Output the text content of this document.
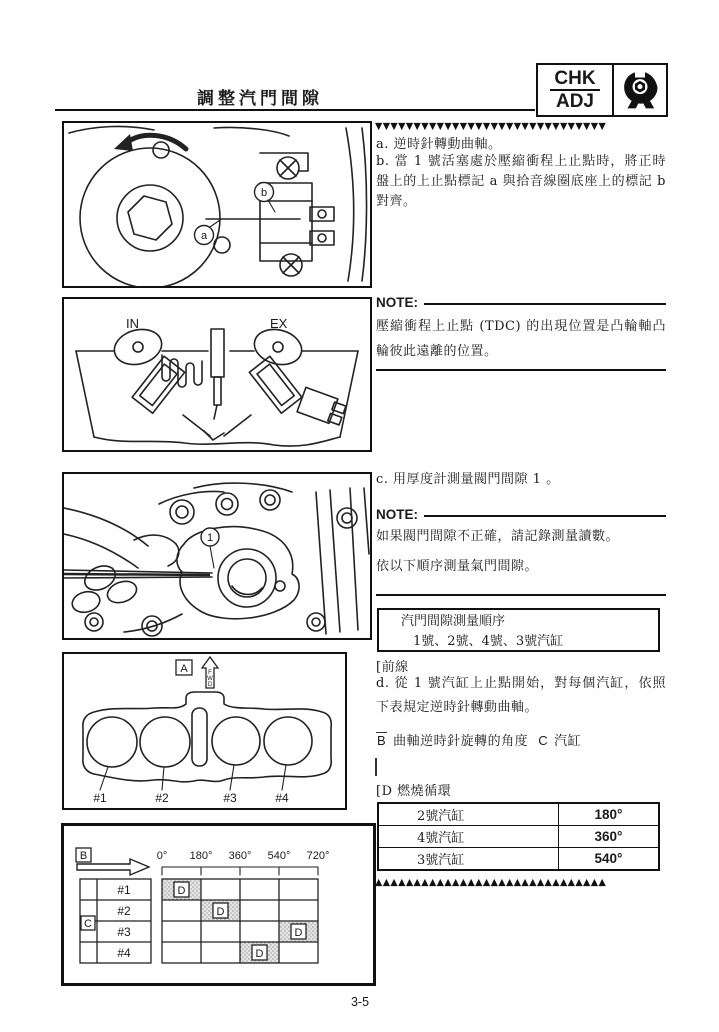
調整汽門間隙
CHK
ADJ
a
b
IN	EX
1
A	F
W
D
#1	#2	#3	#4
B	0° 180° 360° 540° 720°
C
#1
#2
#3
#4
D
D
D
D
▼▼▼▼▼▼▼▼▼▼▼▼▼▼▼▼▼▼▼▼▼▼▼▼▼▼▼▼▼▼
a. 逆時針轉動曲軸。
b. 當 1 號活塞處於壓縮衝程上止點時，將正時盤上的上止點標記 a 與拾音線圈底座上的標記 b 對齊。
NOTE:
壓縮衝程上止點 (TDC) 的出現位置是凸輪軸凸輪彼此遠離的位置。
c. 用厚度計測量閥門間隙 1 。
NOTE:
如果閥門間隙不正確，請記錄測量讀數。
依以下順序測量氣門間隙。
汽門間隙測量順序
1號、2號、4號、3號汽缸
[前線
d. 從 1 號汽缸上止點開始，對每個汽缸，依照下表規定逆時針轉動曲軸。
B 曲軸逆時針旋轉的角度 C 汽缸
[D 燃燒循環
2號汽缸	180°
4號汽缸	360°
3號汽缸	540°
▲▲▲▲▲▲▲▲▲▲▲▲▲▲▲▲▲▲▲▲▲▲▲▲▲▲▲▲▲▲
3-5
